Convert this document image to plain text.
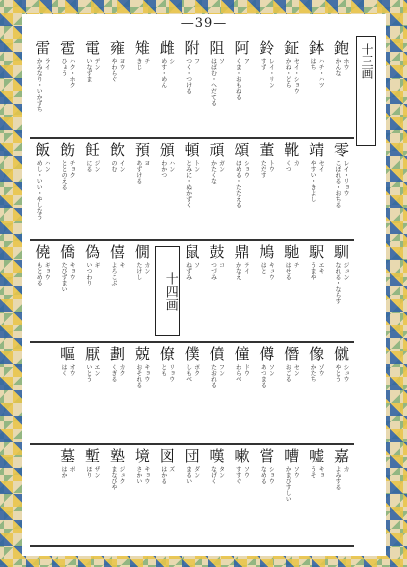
—39—
十三画
鉋
ホウ
かんな
鉢
ハチ・ハツ
はち
鉦
セイ・ショウ
かね・どら
鈴
レイ・リン
すず
阿
ア
くま・おもねる
阻
ソ
はばむ・へだてる
附
フ
つく・つける
雌
シ
めす・めん
雉
チ
きじ
雍
ヨウ
やわらぐ
電
デン
いなずま
雹
ハク・ホク
ひょう
雷
ライ
かみなり・いかずち
零
レイ・リョウ
こぼれる・おちる
靖
セイ
やすい・きよし
靴
カ
くつ
董
トウ
ただす
頌
ショウ
ほめる・たたえる
頑
ガン
かたくな
頓
トン
とみに・ぬかずく
頒
ハン
わかつ
預
ヨ
あずける
飲
イン
のむ
飪
ジン
にる
飭
チョク
ととのえる
飯
ハン
めし・いい・やしなう
馴
ジュン
なれる・ならす
駅
エキ
うまや
馳
チ
はせる
鳩
キュウ
はと
鼎
テイ
かなえ
鼓
コ
つづみ
鼠
ソ
ねずみ
十四画
僩
カン
たけし
僖
キ
よろこぶ
偽
ギ
いつわり
僑
キョウ
たびずまい
僥
ギョウ
もとめる
僦
シュウ
やとう
像
ゾウ
かたち
僭
セン
おごる
僔
ソン
あつまる
僮
ドウ
わらべ
僨
フン
たおれる
僕
ボク
しもべ
僚
リョウ
とも
兢
キョウ
おそれる
劃
カク
くぎる
厭
エン
いとう
嘔
オウ
はく
嘉
カ
よみする
嘘
キョ
うそ
嘈
ソウ
かまびすしい
嘗
ショウ
なめる
嗽
ソウ
すすぐ
嘆
タン
なげく
団
ダン
まるい
図
ズ
はかる
境
キョウ
さかい
塾
ジュク
まなびや
塹
ザン
ほり
墓
ボ
はか
